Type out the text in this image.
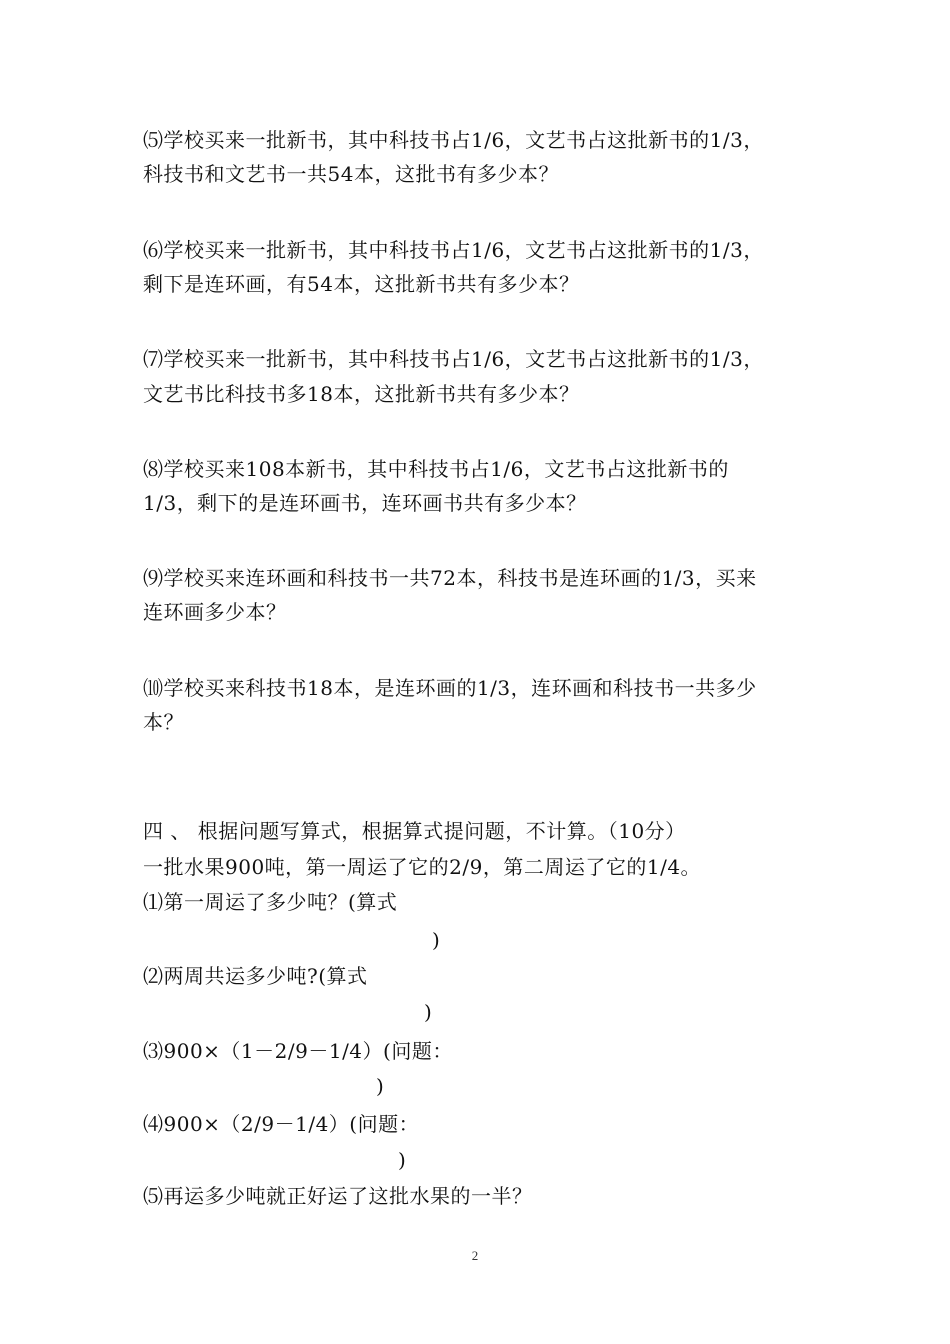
⑸学校买来一批新书，其中科技书占1/6，文艺书占这批新书的1/3，
科技书和文艺书一共54本，这批书有多少本？
⑹学校买来一批新书，其中科技书占1/6，文艺书占这批新书的1/3，
剩下是连环画，有54本，这批新书共有多少本？
⑺学校买来一批新书，其中科技书占1/6，文艺书占这批新书的1/3，
文艺书比科技书多18本，这批新书共有多少本？
⑻学校买来108本新书，其中科技书占1/6，文艺书占这批新书的
1/3，剩下的是连环画书，连环画书共有多少本？
⑼学校买来连环画和科技书一共72本，科技书是连环画的1/3，买来
连环画多少本？
⑽学校买来科技书18本，是连环画的1/3，连环画和科技书一共多少
本？
四 、 根据问题写算式，根据算式提问题，不计算。（10分）
一批水果900吨，第一周运了它的2/9，第二周运了它的1/4。
⑴第一周运了多少吨？(算式
)
⑵两周共运多少吨?(算式
)
⑶900×（1－2/9－1/4）(问题：
)
⑷900×（2/9－1/4）(问题：
)
⑸再运多少吨就正好运了这批水果的一半？
2
